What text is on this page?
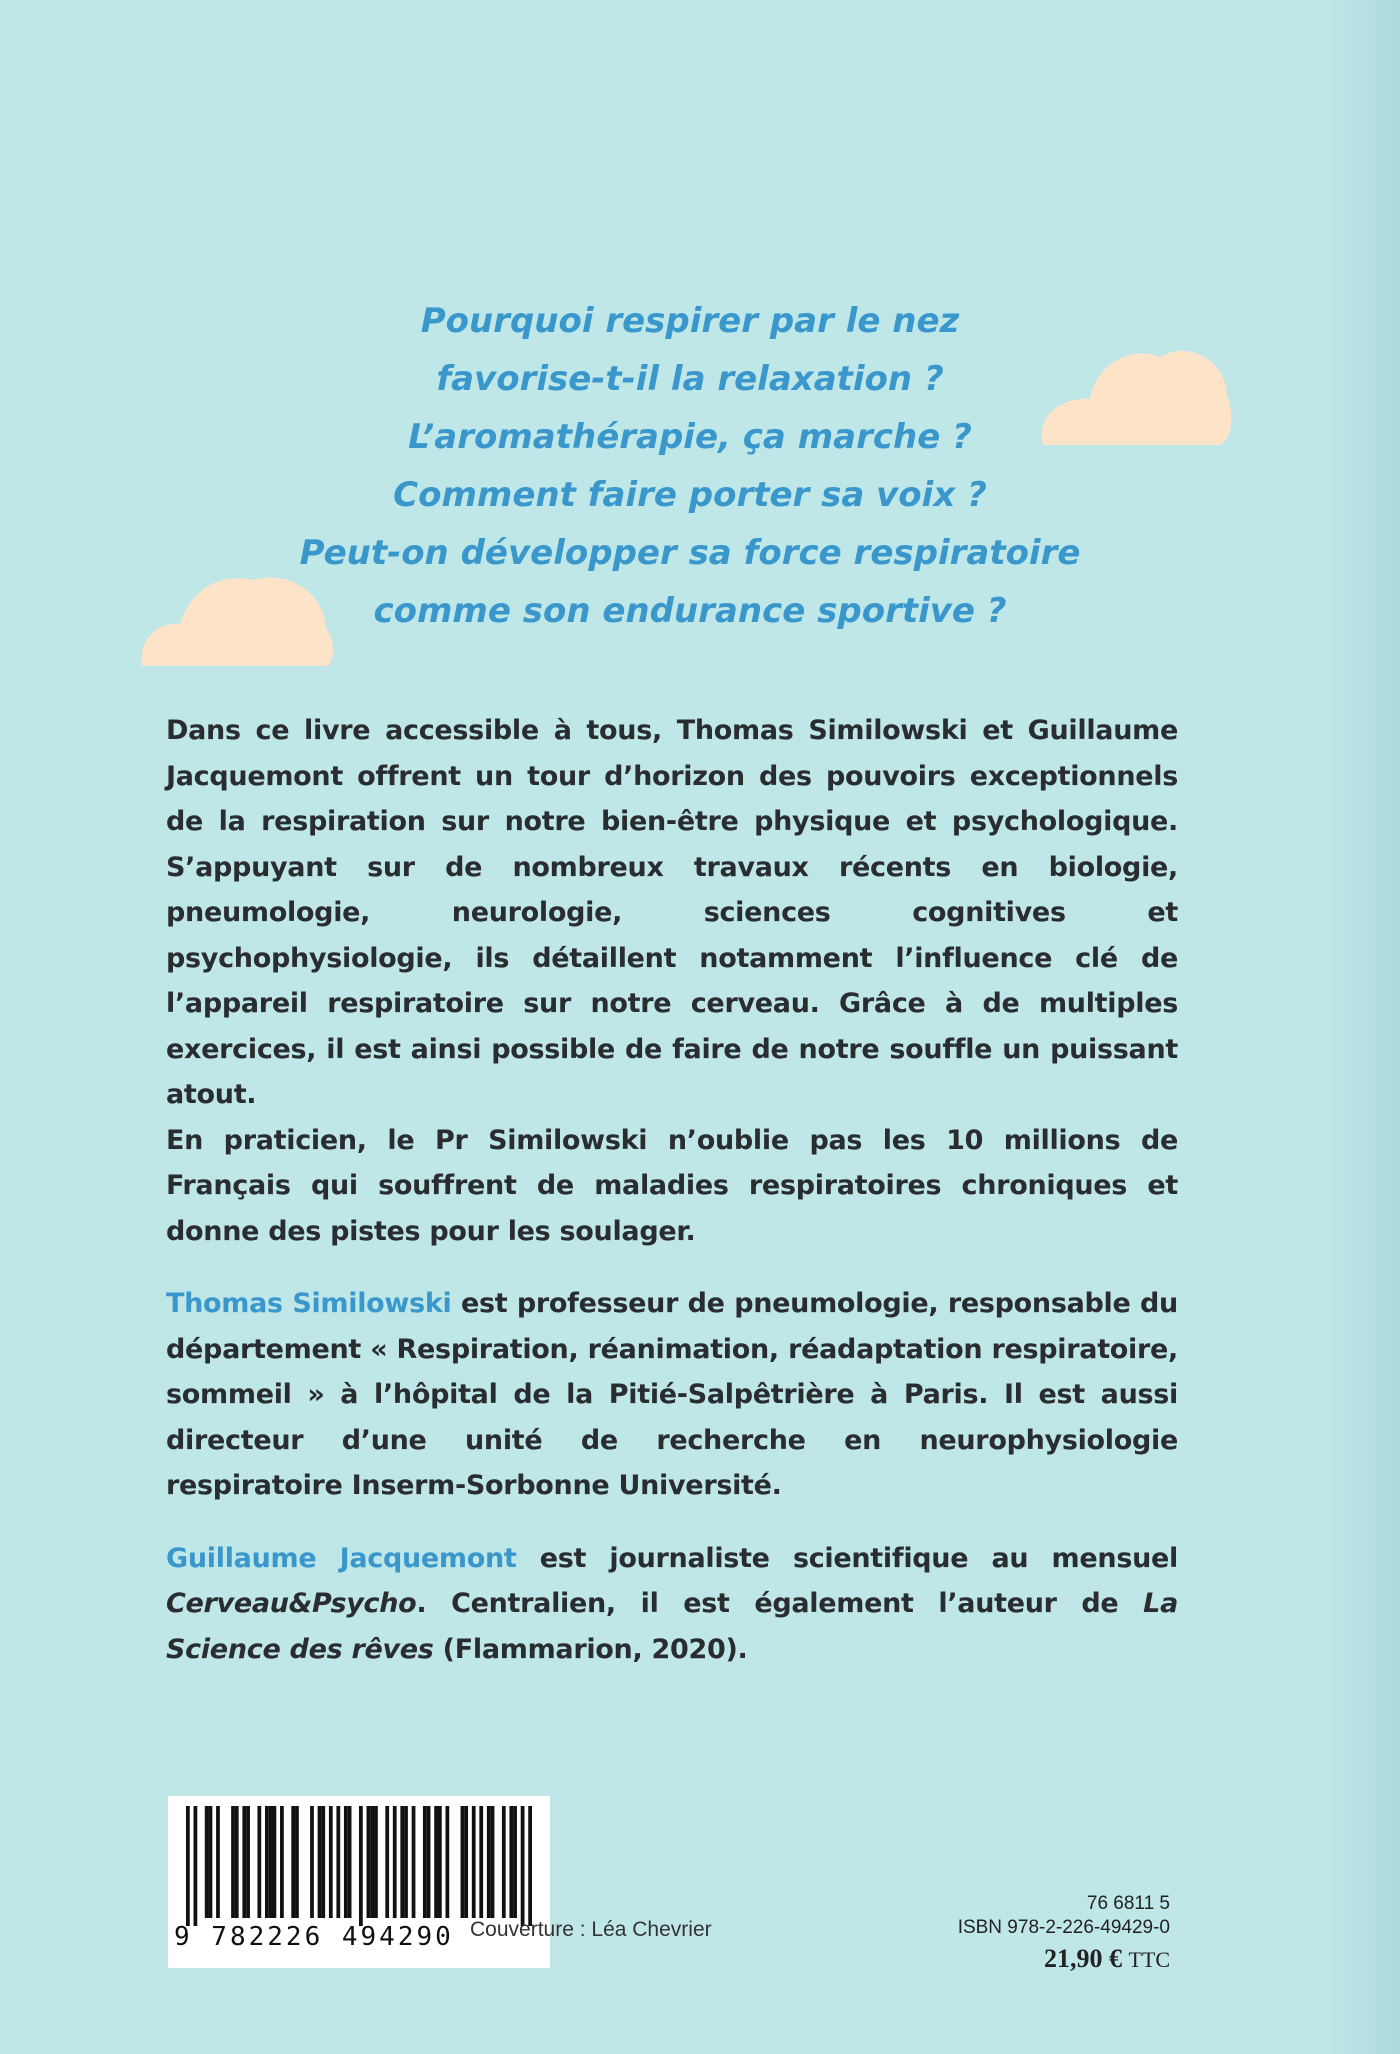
Pourquoi respirer par le nez
favorise-t-il la relaxation ?
L’aromathérapie, ça marche ?
Comment faire porter sa voix ?
Peut-on développer sa force respiratoire
comme son endurance sportive ?

Dans ce livre accessible à tous, Thomas Similowski et Guillaume Jacquemont offrent un tour d’horizon des pouvoirs exceptionnels de la respiration sur notre bien-être physique et psychologique. S’appuyant sur de nombreux travaux récents en biologie, pneumologie, neurologie, sciences cognitives et psychophysiologie, ils détaillent notamment l’influence clé de l’appareil respiratoire sur notre cerveau. Grâce à de multiples exercices, il est ainsi possible de faire de notre souffle un puissant atout.

En praticien, le Pr Similowski n’oublie pas les 10 millions de Français qui souffrent de maladies respiratoires chroniques et donne des pistes pour les soulager.

Thomas Similowski est professeur de pneumologie, responsable du département « Respiration, réanimation, réadaptation respiratoire, sommeil » à l’hôpital de la Pitié-Salpêtrière à Paris. Il est aussi directeur d’une unité de recherche en neurophysiologie respiratoire Inserm-Sorbonne Université.

Guillaume Jacquemont est journaliste scientifique au mensuel Cerveau&Psycho. Centralien, il est également l’auteur de La Science des rêves (Flammarion, 2020).

9 782226 494290 Couverture : Léa Chevrier
76 6811 5
ISBN 978-2-226-49429-0
21,90 € TTC
